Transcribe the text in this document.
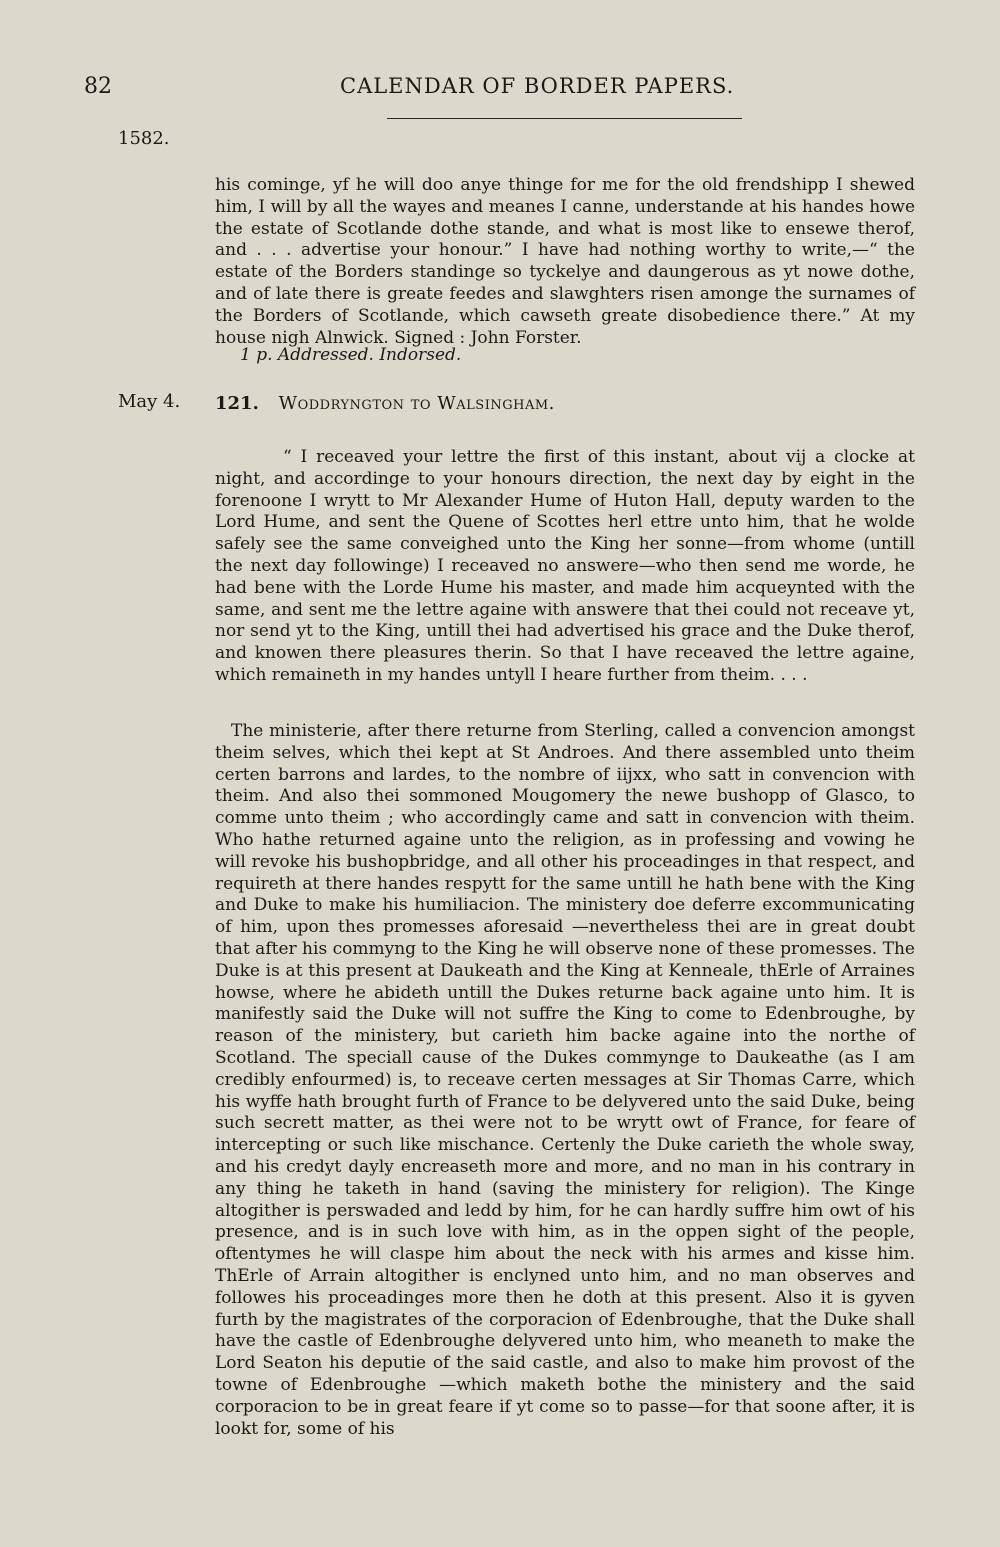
82	CALENDAR OF BORDER PAPERS.
1582.
May 4.

his cominge, yf he will doo anye thinge for me for the old frendshipp I shewed him, I will by all the wayes and meanes I canne, understande at his handes howe the estate of Scotlande dothe stande, and what is most like to ensewe therof, and . . . advertise your honour.” I have had nothing worthy to write,—“ the estate of the Borders standinge so tyckelye and daungerous as yt nowe dothe, and of late there is greate feedes and slawghters risen amonge the surnames of the Borders of Scotlande, which cawseth greate disobedience there.” At my house nigh Alnwick. Signed : John Forster.

1 p. Addressed. Indorsed.
121. Woddryngton to Walsingham.

“ I receaved your lettre the first of this instant, about vij a clocke at night, and accordinge to your honours direction, the next day by eight in the forenoone I wrytt to Mr Alexander Hume of Huton Hall, deputy warden to the Lord Hume, and sent the Quene of Scottes herl ettre unto him, that he wolde safely see the same conveighed unto the King her sonne—from whome (untill the next day followinge) I receaved no answere—who then send me worde, he had bene with the Lorde Hume his master, and made him acqueynted with the same, and sent me the lettre againe with answere that thei could not receave yt, nor send yt to the King, untill thei had advertised his grace and the Duke therof, and knowen there pleasures therin. So that I have receaved the lettre againe, which remaineth in my handes untyll I heare further from theim. . . .

The ministerie, after there returne from Sterling, called a convencion amongst theim selves, which thei kept at St Androes. And there assembled unto theim certen barrons and lardes, to the nombre of iijxx, who satt in convencion with theim. And also thei sommoned Mougomery the newe bushopp of Glasco, to comme unto theim ; who accordingly came and satt in convencion with theim. Who hathe returned againe unto the religion, as in professing and vowing he will revoke his bushopbridge, and all other his proceadinges in that respect, and requireth at there handes respytt for the same untill he hath bene with the King and Duke to make his humiliacion. The ministery doe deferre excommunicating of him, upon thes promesses aforesaid —nevertheless thei are in great doubt that after his commyng to the King he will observe none of these promesses. The Duke is at this present at Daukeath and the King at Kenneale, thErle of Arraines howse, where he abideth untill the Dukes returne back againe unto him. It is manifestly said the Duke will not suffre the King to come to Edenbroughe, by reason of the ministery, but carieth him backe againe into the northe of Scotland. The speciall cause of the Dukes commynge to Daukeathe (as I am credibly enfourmed) is, to receave certen messages at Sir Thomas Carre, which his wyffe hath brought furth of France to be delyvered unto the said Duke, being such secrett matter, as thei were not to be wrytt owt of France, for feare of intercepting or such like mischance. Certenly the Duke carieth the whole sway, and his credyt dayly encreaseth more and more, and no man in his contrary in any thing he taketh in hand (saving the ministery for religion). The Kinge altogither is perswaded and ledd by him, for he can hardly suffre him owt of his presence, and is in such love with him, as in the oppen sight of the people, oftentymes he will claspe him about the neck with his armes and kisse him. ThErle of Arrain altogither is enclyned unto him, and no man observes and followes his proceadinges more then he doth at this present. Also it is gyven furth by the magistrates of the corporacion of Edenbroughe, that the Duke shall have the castle of Edenbroughe delyvered unto him, who meaneth to make the Lord Seaton his deputie of the said castle, and also to make him provost of the towne of Edenbroughe —which maketh bothe the ministery and the said corporacion to be in great feare if yt come so to passe—for that soone after, it is lookt for, some of his
